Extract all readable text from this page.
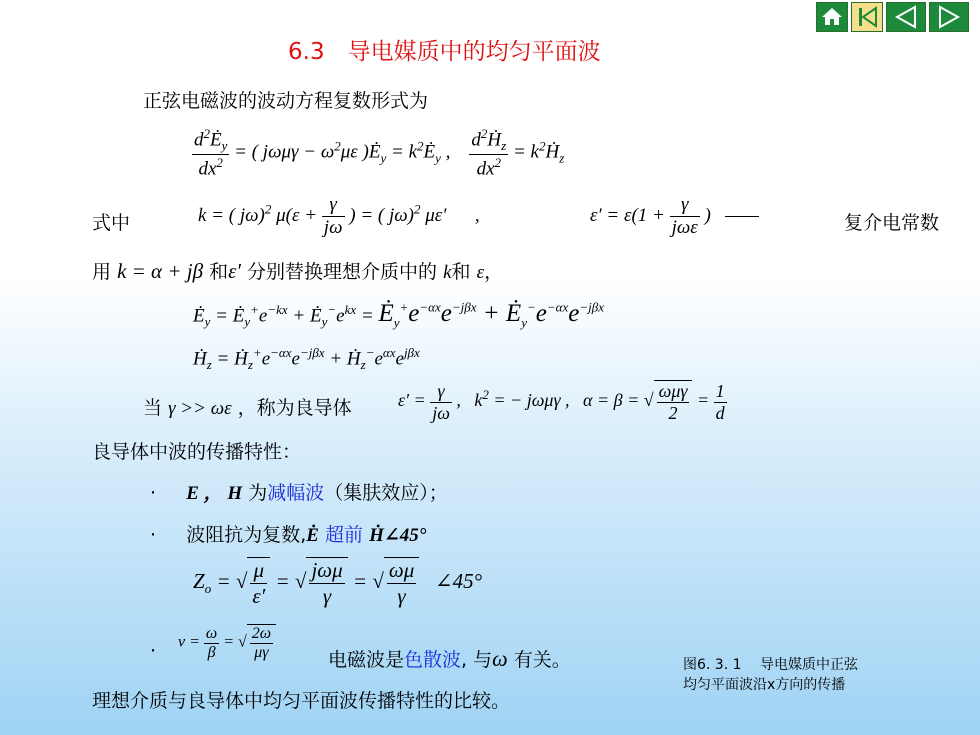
6.3　导电媒质中的均匀平面波
正弦电磁波的波动方程复数形式为
$\frac{d^2Ė_y}{dx^2}$ = ( $j\omega\mu\gamma - \omega^2\mu\varepsilon$ )$Ė_y$ = $k^2Ė_y$ , $\frac{d^2Ḣ_z}{dx^2}$ = $k^2Ḣ_z$
式中	k = ( jω)$^2$ $\mu(\varepsilon + \frac{\gamma}{j\omega}$ ) = ( jω)$^2$ με′      ,	$\varepsilon' = \varepsilon(1 + \frac{\gamma}{\text{jωε}}$ )   ——	复介电常数
用 k = α + jβ 和ε′ 分别替换理想介质中的 k和 ε，
$Ė_y$ = $Ė_y^+e^{-kx}$ + $Ė_y^-e^{kx}$ = $Ė_y^+e^{-\alpha x}e^{-j\beta x}$ + $Ė_y^-e^{-\alpha x}e^{-j\beta x}$
Ḣ$_z$ = $Ḣ_z^+e^{-\alpha x}e^{-j\beta x}$ + $Ḣ_z^-e^{\alpha x}e^{j\beta x}$
当 γ >> ωε ，称为良导体	$\varepsilon' = \frac{\gamma}{j\omega}$ ,   $k^2$ = − jωμγ ,   α = β = √ $\frac{\text{ωμγ}}{2} = \frac{1}{d}$
良导体中波的传播特性：
· E ， H 为减幅波（集肤效应）；
· 波阻抗为复数,Ė 超前 Ḣ∠45°
$Z_o$ = √ $\frac{\mu}{\varepsilon'}$ = √ $\frac{\text{jωμ}}{\gamma}$ = √ $\frac{\omega\mu}{\gamma}$ ∠45°
· $v = \frac{\omega}{\beta}$ = √ $\frac{2\omega}{\mu\gamma}$	电磁波是色散波, 与ω 有关。
理想介质与良导体中均匀平面波传播特性的比较。
图6. 3. 1　 导电媒质中正弦
均匀平面波沿x方向的传播
